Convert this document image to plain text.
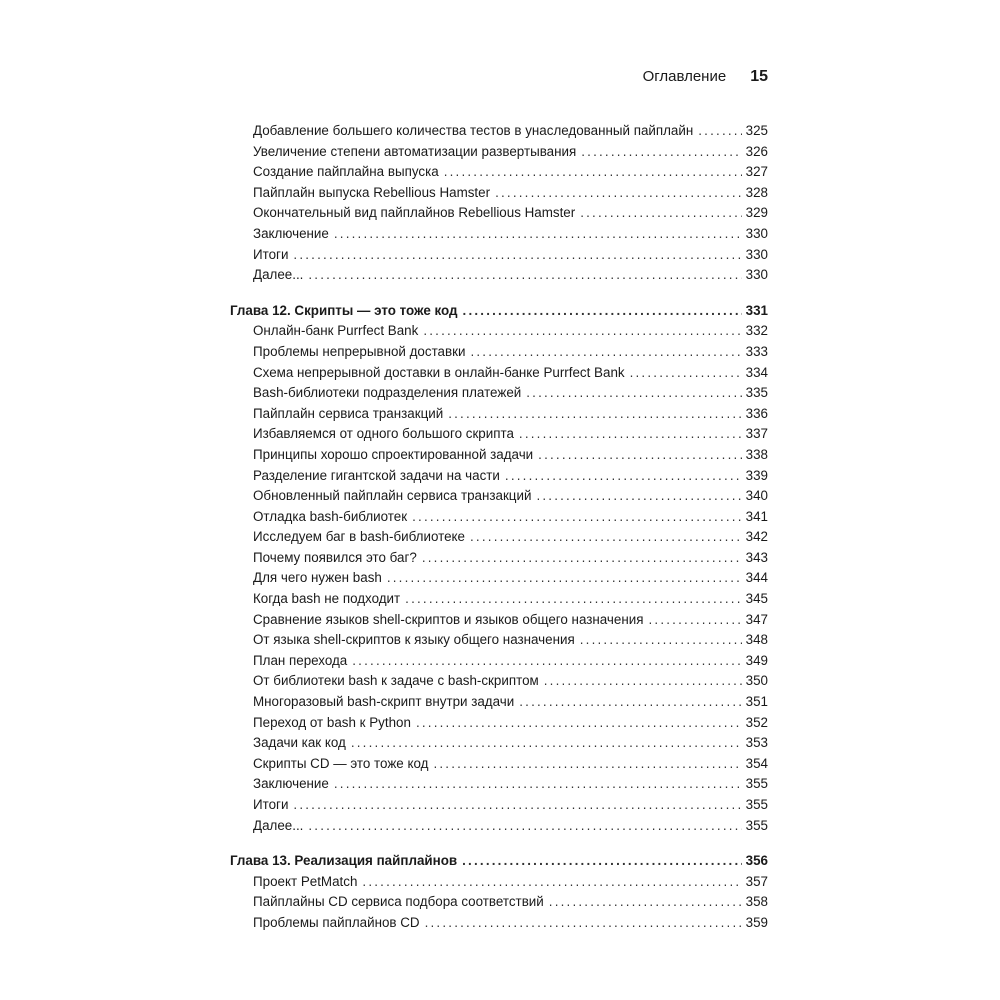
Оглавление 15
Добавление большего количества тестов в унаследованный пайплайн .....	325
Увеличение степени автоматизации развертывания .....	326
Создание пайплайна выпуска .....	327
Пайплайн выпуска Rebellious Hamster .....	328
Окончательный вид пайплайнов Rebellious Hamster .....	329
Заключение .....	330
Итоги .....	330
Далее... .....	330
Глава 12. Скрипты — это тоже код .....	331
Онлайн-банк Purrfect Bank .....	332
Проблемы непрерывной доставки .....	333
Схема непрерывной доставки в онлайн-банке Purrfect Bank .....	334
Bash-библиотеки подразделения платежей .....	335
Пайплайн сервиса транзакций .....	336
Избавляемся от одного большого скрипта .....	337
Принципы хорошо спроектированной задачи .....	338
Разделение гигантской задачи на части .....	339
Обновленный пайплайн сервиса транзакций .....	340
Отладка bash-библиотек .....	341
Исследуем баг в bash-библиотеке .....	342
Почему появился это баг? .....	343
Для чего нужен bash .....	344
Когда bash не подходит .....	345
Сравнение языков shell-скриптов и языков общего назначения .....	347
От языка shell-скриптов к языку общего назначения .....	348
План перехода .....	349
От библиотеки bash к задаче с bash-скриптом .....	350
Многоразовый bash-скрипт внутри задачи .....	351
Переход от bash к Python .....	352
Задачи как код .....	353
Скрипты CD — это тоже код .....	354
Заключение .....	355
Итоги .....	355
Далее... .....	355
Глава 13. Реализация пайплайнов .....	356
Проект PetMatch .....	357
Пайплайны CD сервиса подбора соответствий .....	358
Проблемы пайплайнов CD .....	359
